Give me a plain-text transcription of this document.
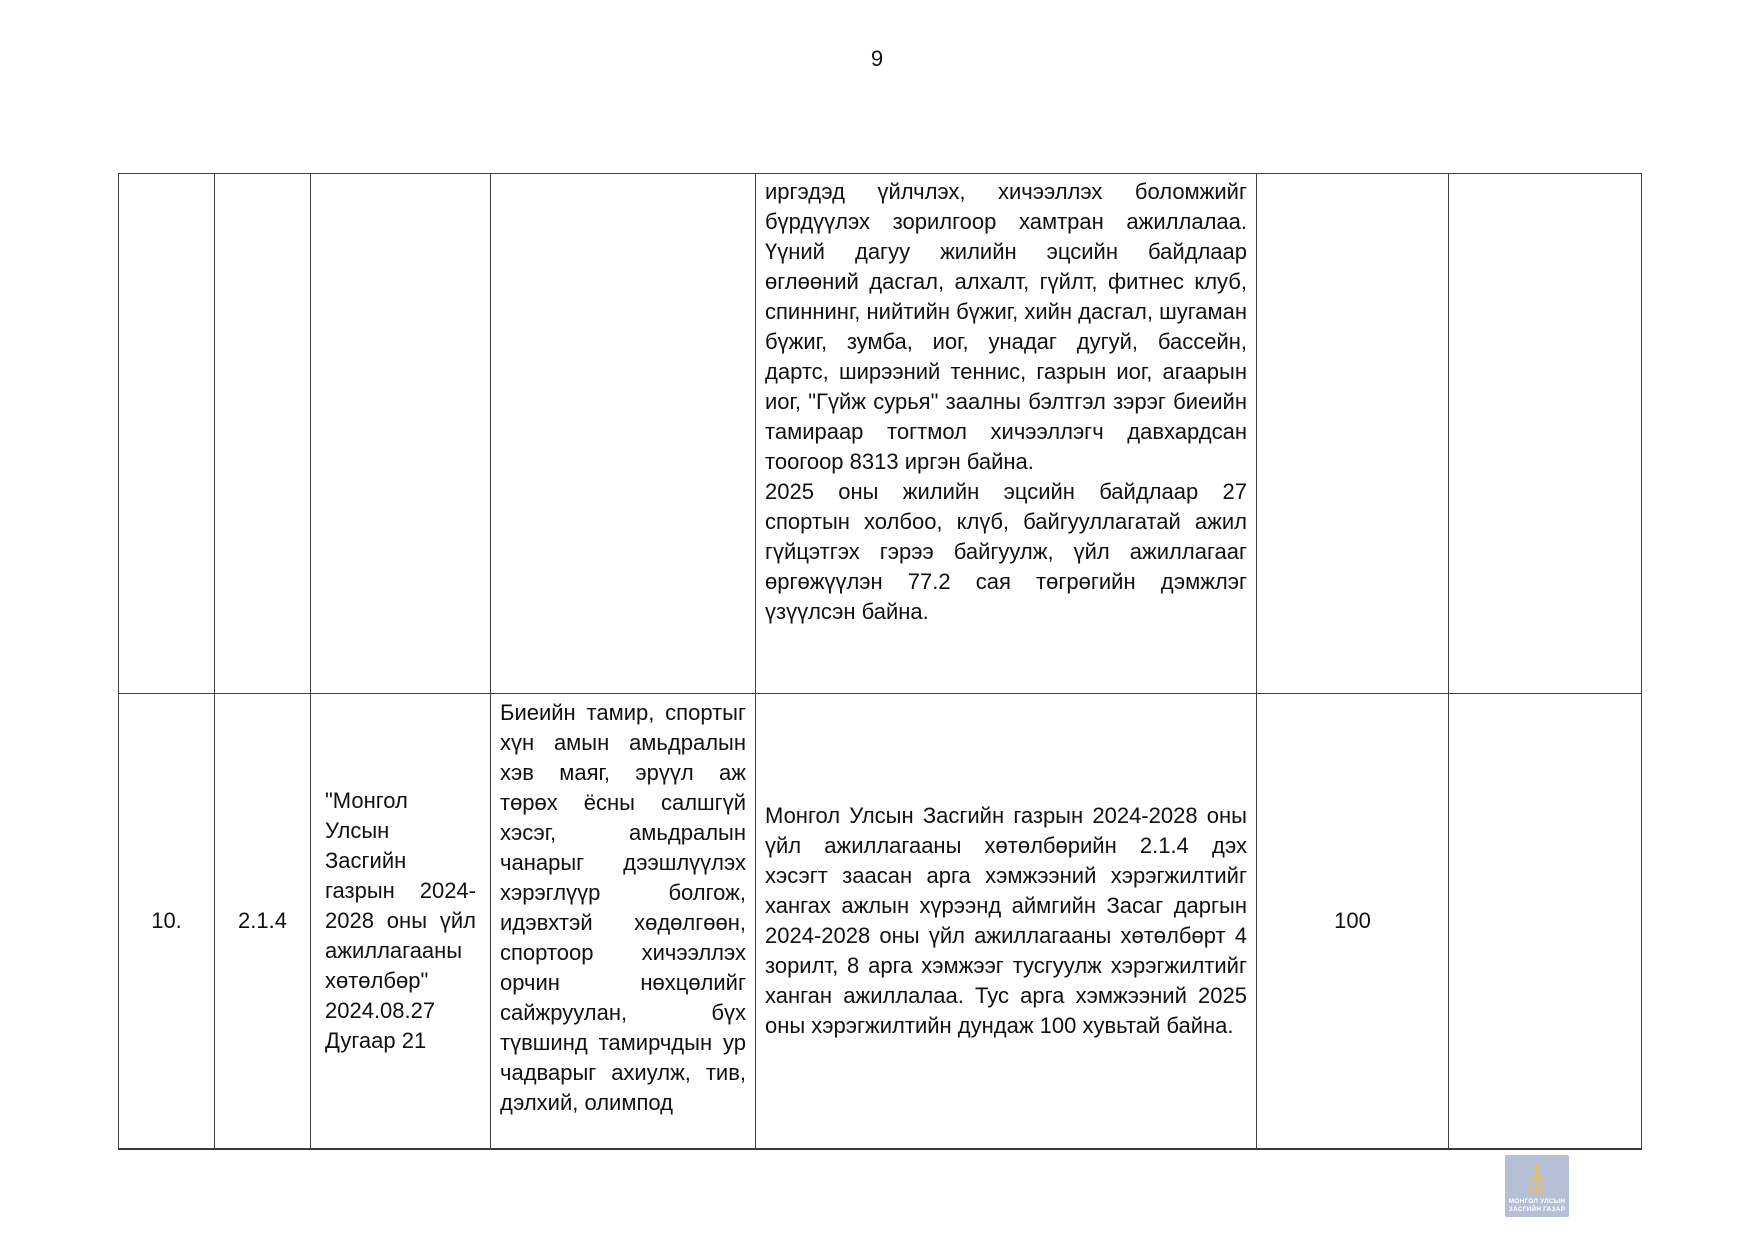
9

				иргэдэд үйлчлэх, хичээллэх боломжийг бүрдүүлэх зорилгоор хамтран ажиллалаа. Үүний дагуу жилийн эцсийн байдлаар өглөөний дасгал, алхалт, гүйлт, фитнес клуб, спиннинг, нийтийн бүжиг, хийн дасгал, шугаман бүжиг, зумба, иог, унадаг дугуй, бассейн, дартс, ширээний теннис, газрын иог, агаарын иог, "Гүйж сурья" заалны бэлтгэл зэрэг биеийн тамираар тогтмол хичээллэгч давхардсан тоогоор 8313 иргэн байна.

2025 оны жилийн эцсийн байдлаар 27 спортын холбоо, клүб, байгууллагатай ажил гүйцэтгэх гэрээ байгуулж, үйл ажиллагааг өргөжүүлэн 77.2 сая төгрөгийн дэмжлэг үзүүлсэн байна.		

10.	2.1.4	"Монгол Улсын Засгийн газрын 2024-2028 оны үйл ажиллагааны хөтөлбөр" 2024.08.27 Дугаар 21	Биеийн тамир, спортыг хүн амын амьдралын хэв маяг, эрүүл аж төрөх ёсны салшгүй хэсэг, амьдралын чанарыг дээшлүүлэх хэрэглүүр болгож, идэвхтэй хөдөлгөөн, спортоор хичээллэх орчин нөхцөлийг сайжруулан, бүх түвшинд тамирчдын ур чадварыг ахиулж, тив, дэлхий, олимпод	Монгол Улсын Засгийн газрын 2024-2028 оны үйл ажиллагааны хөтөлбөрийн 2.1.4 дэх хэсэгт заасан арга хэмжээний хэрэгжилтийг хангах ажлын хүрээнд аймгийн Засаг даргын 2024-2028 оны үйл ажиллагааны хөтөлбөрт 4 зорилт, 8 арга хэмжээг тусгуулж хэрэгжилтийг ханган ажиллалаа. Тус арга хэмжээний 2025 оны хэрэгжилтийн дундаж 100 хувьтай байна.	100	
МОНГОЛ УЛСЫН
ЗАСГИЙН ГАЗАР
